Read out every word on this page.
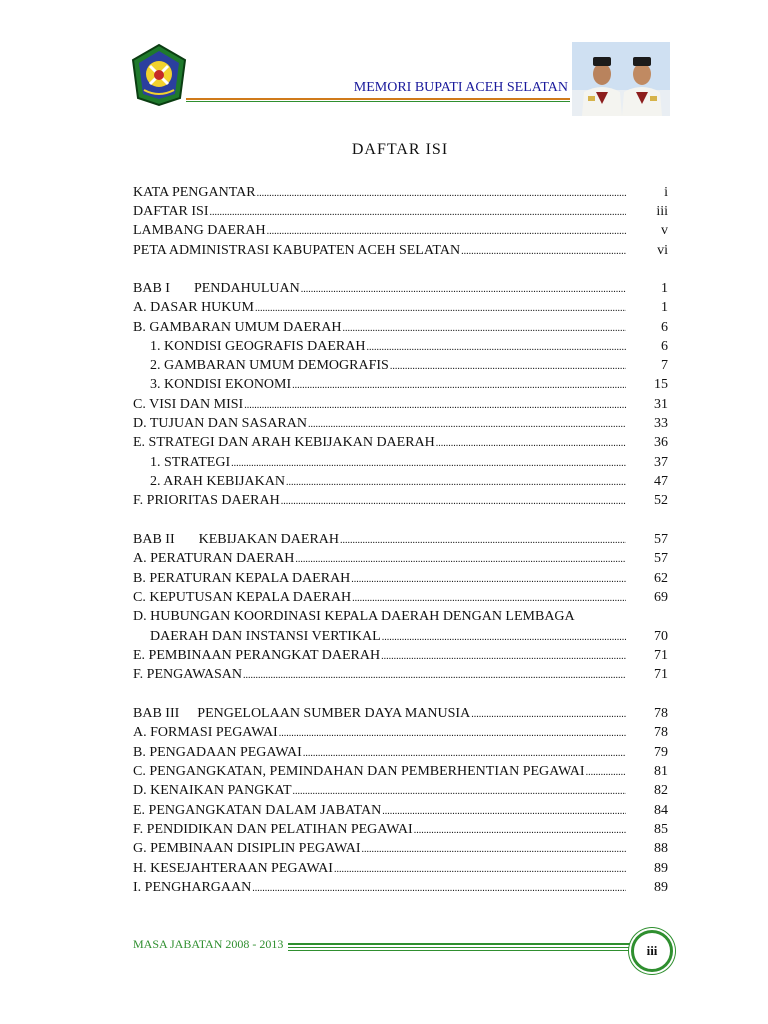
MEMORI BUPATI ACEH SELATAN
DAFTAR ISI
KATA PENGANTAR .....	i
DAFTAR ISI .....	iii
LAMBANG DAERAH .....	v
PETA ADMINISTRASI KABUPATEN ACEH SELATAN .....	vi
BAB I PENDAHULUAN .....	1
A. DASAR HUKUM .....	1
B. GAMBARAN UMUM DAERAH .....	6
1. KONDISI GEOGRAFIS DAERAH .....	6
2. GAMBARAN UMUM DEMOGRAFIS .....	7
3. KONDISI EKONOMI .....	15
C. VISI DAN MISI .....	31
D. TUJUAN DAN SASARAN .....	33
E. STRATEGI DAN ARAH KEBIJAKAN DAERAH .....	36
1. STRATEGI .....	37
2. ARAH KEBIJAKAN .....	47
F. PRIORITAS DAERAH .....	52
BAB II KEBIJAKAN DAERAH .....	57
A. PERATURAN DAERAH .....	57
B. PERATURAN KEPALA DAERAH .....	62
C. KEPUTUSAN KEPALA DAERAH .....	69
D. HUBUNGAN KOORDINASI KEPALA DAERAH DENGAN LEMBAGA
DAERAH DAN INSTANSI VERTIKAL .....	70
E. PEMBINAAN PERANGKAT DAERAH .....	71
F. PENGAWASAN .....	71
BAB III PENGELOLAAN SUMBER DAYA MANUSIA .....	78
A. FORMASI PEGAWAI .....	78
B. PENGADAAN PEGAWAI .....	79
C. PENGANGKATAN, PEMINDAHAN DAN PEMBERHENTIAN PEGAWAI .....	81
D. KENAIKAN PANGKAT .....	82
E. PENGANGKATAN DALAM JABATAN .....	84
F. PENDIDIKAN DAN PELATIHAN PEGAWAI .....	85
G. PEMBINAAN DISIPLIN PEGAWAI .....	88
H. KESEJAHTERAAN PEGAWAI .....	89
I. PENGHARGAAN .....	89
MASA JABATAN 2008 - 2013	iii
